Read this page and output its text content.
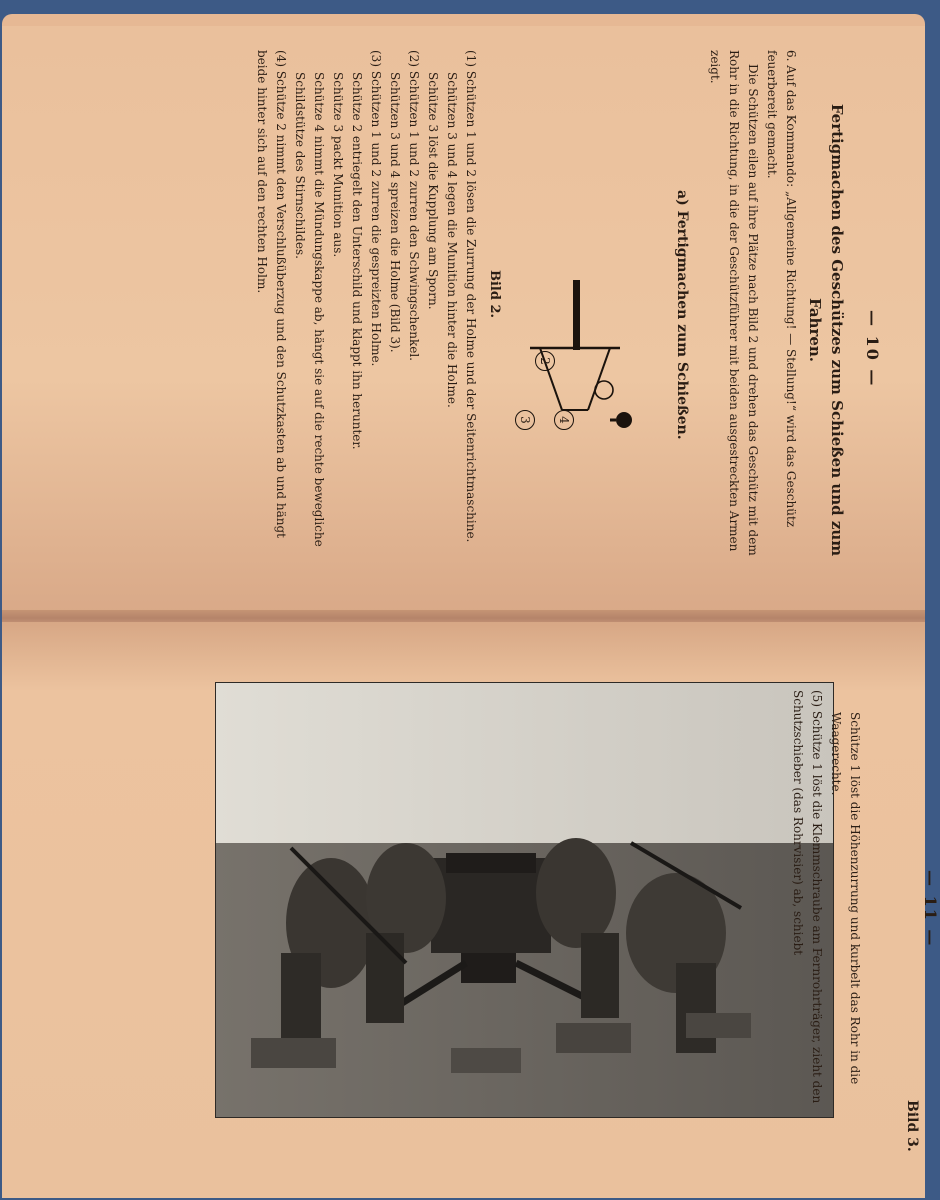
— 10 —
Fertigmachen des Geschützes zum Schießen und zum Fahren.
a) Fertigmachen zum Schießen.	6. Auf das Kommando: „Allgemeine Richtung! — Stellung!“ wird das Geschütz feuerbereit gemacht.

Die Schützen eilen auf ihre Plätze nach Bild 2 und drehen das Geschütz mit dem Rohr in die Richtung, in die der Geschützführer mit beiden ausgestreckten Armen zeigt.

2
3 4
Bild 2.

(1) Schützen 1 und 2 lösen die Zurrung der Holme und der Seitenrichtmaschine.

Schützen 3 und 4 legen die Munition hinter die Holme.

Schütze 3 löst die Kupplung am Sporn.

(2) Schützen 1 und 2 zurren den Schwingschenkel.

Schützen 3 und 4 spreizen die Holme (Bild 3).

(3) Schützen 1 und 2 zurren die gespreizten Holme.

Schütze 2 entriegelt den Unterschild und klappt ihn herunter.

Schütze 3 packt Munition aus.

Schütze 4 nimmt die Mündungskappe ab, hängt sie auf die rechte bewegliche Schildstütze des Stirnschildes.

(4) Schütze 2 nimmt den Verschlußüberzug und den Schutzkasten ab und hängt beide hinter sich auf den rechten Holm.

— 11 —
Bild 3.

Schütze 1 löst die Höhenzurrung und kurbelt das Rohr in die Waagerechte.

(5) Schütze 1 löst die Klemmschraube am Fernrohrträger, zieht den Schutzschieber (das Rohrvisier) ab, schiebt
